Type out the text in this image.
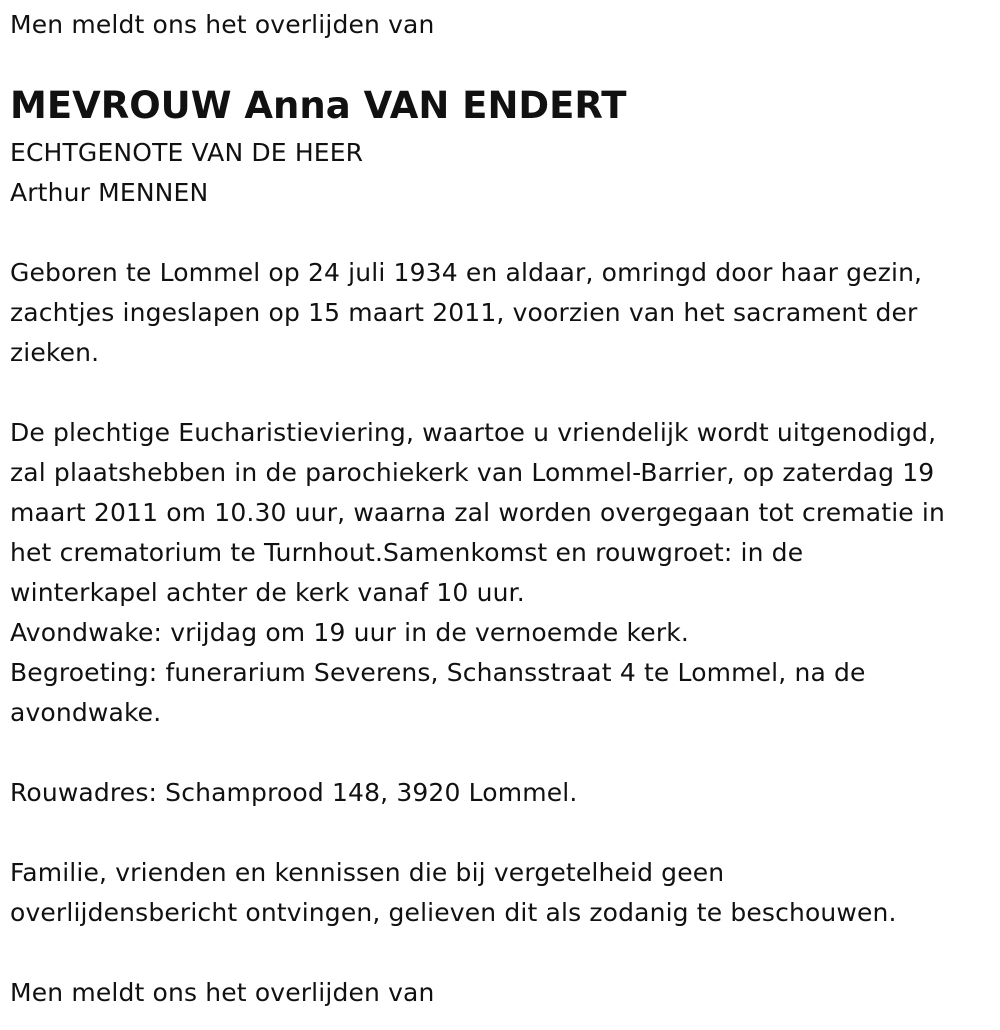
Men meldt ons het overlijden van
MEVROUW Anna VAN ENDERT
ECHTGENOTE VAN DE HEER
Arthur MENNEN
Geboren te Lommel op 24 juli 1934 en aldaar, omringd door haar gezin,
zachtjes ingeslapen op 15 maart 2011, voorzien van het sacrament der
zieken.
De plechtige Eucharistieviering, waartoe u vriendelijk wordt uitgenodigd,
zal plaatshebben in de parochiekerk van Lommel-Barrier, op zaterdag 19
maart 2011 om 10.30 uur, waarna zal worden overgegaan tot crematie in
het crematorium te Turnhout.Samenkomst en rouwgroet: in de
winterkapel achter de kerk vanaf 10 uur.
Avondwake: vrijdag om 19 uur in de vernoemde kerk.
Begroeting: funerarium Severens, Schansstraat 4 te Lommel, na de
avondwake.
Rouwadres: Schamprood 148, 3920 Lommel.
Familie, vrienden en kennissen die bij vergetelheid geen
overlijdensbericht ontvingen, gelieven dit als zodanig te beschouwen.
Men meldt ons het overlijden van
